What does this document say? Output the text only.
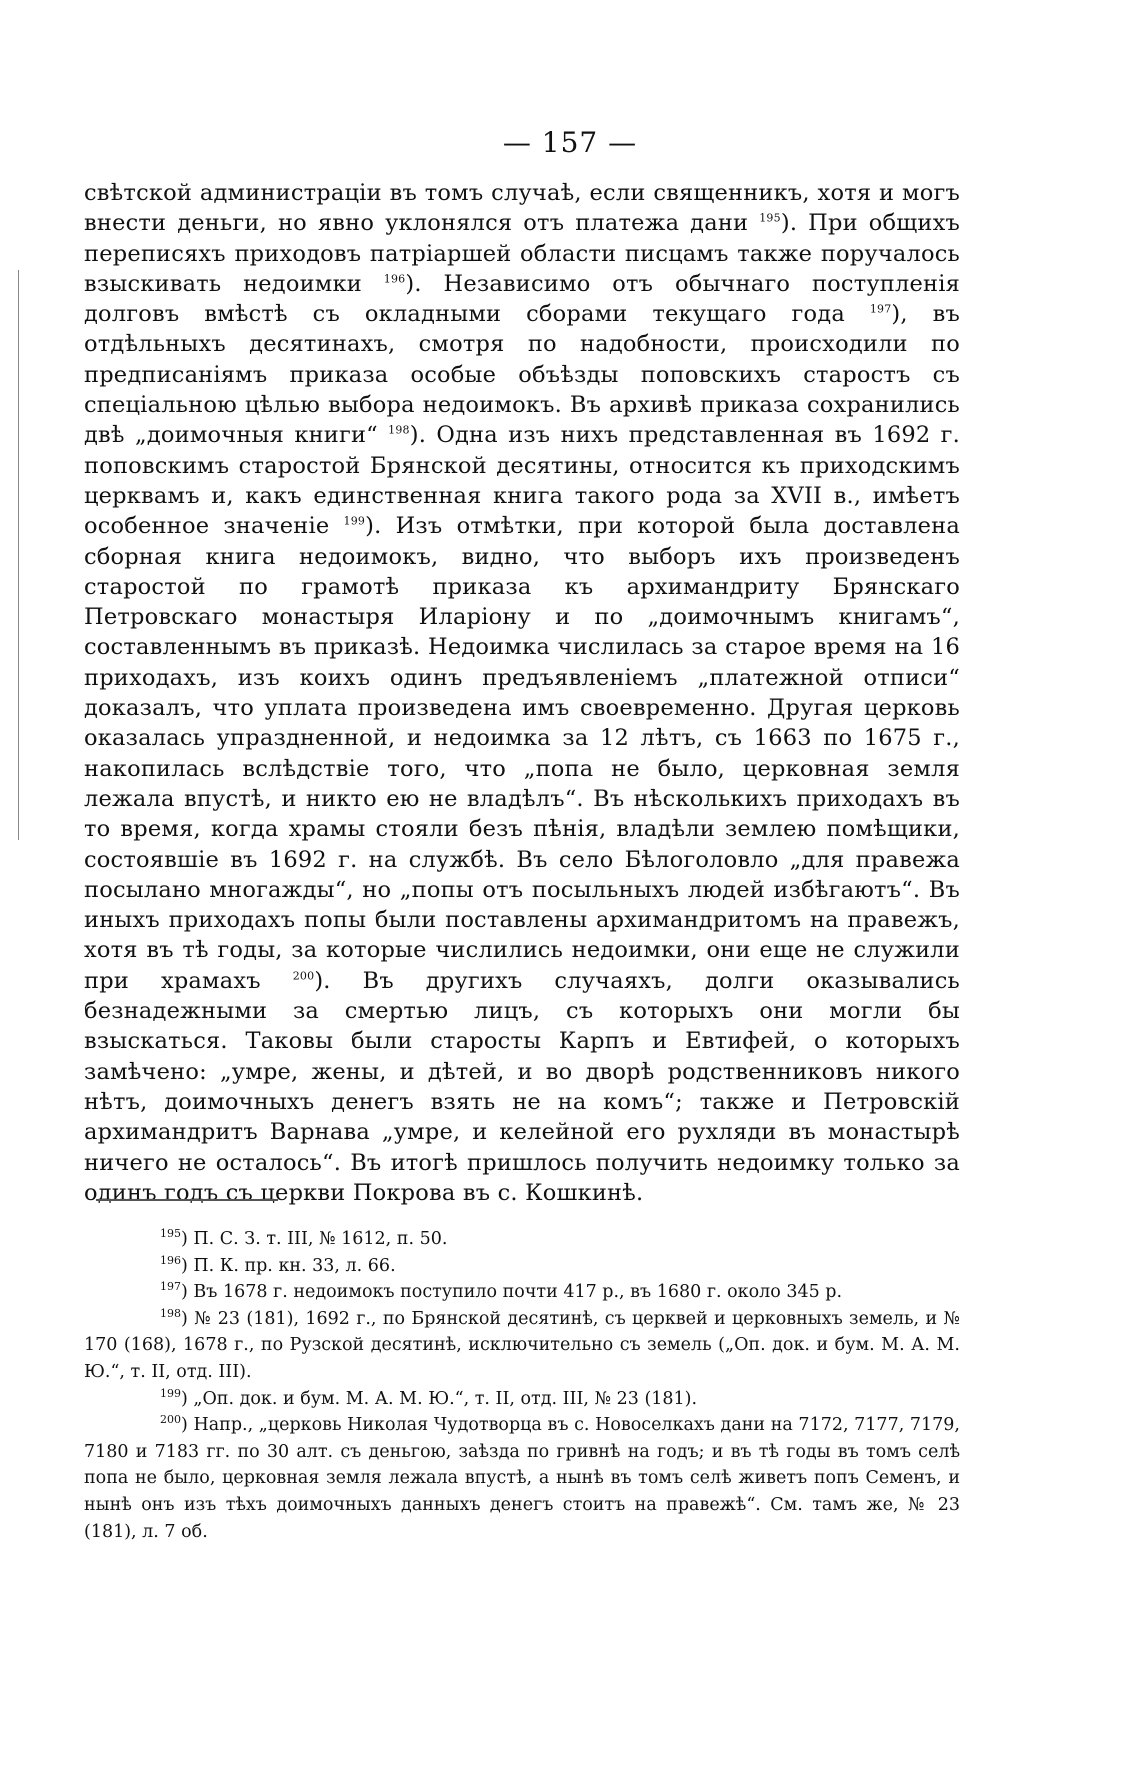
— 157 —

свѣтской администраціи въ томъ случаѣ, если священникъ, хотя и могъ внести деньги, но явно уклонялся отъ платежа дани $^{195}$). При общихъ переписяхъ приходовъ патріаршей области писцамъ также поручалось взыскивать недоимки $^{196}$). Независимо отъ обычнаго поступленія долговъ вмѣстѣ съ окладными сборами текущаго года $^{197}$), въ отдѣльныхъ десятинахъ, смотря по надобности, происходили по предписаніямъ приказа особые объѣзды поповскихъ старостъ съ спеціальною цѣлью выбора недоимокъ. Въ архивѣ приказа сохранились двѣ „доимочныя книги“ $^{198}$). Одна изъ нихъ представленная въ 1692 г. поповскимъ старостой Брянской десятины, относится къ приходскимъ церквамъ и, какъ единственная книга такого рода за XVII в., имѣетъ особенное значеніе $^{199}$). Изъ отмѣтки, при которой была доставлена сборная книга недоимокъ, видно, что выборъ ихъ произведенъ старостой по грамотѣ приказа къ архимандриту Брянскаго Петровскаго монастыря Иларіону и по „доимочнымъ книгамъ“, составленнымъ въ приказѣ. Недоимка числилась за старое время на 16 приходахъ, изъ коихъ одинъ предъявленіемъ „платежной отписи“ доказалъ, что уплата произведена имъ своевременно. Другая церковь оказалась упраздненной, и недоимка за 12 лѣтъ, съ 1663 по 1675 г., накопилась вслѣдствіе того, что „попа не было, церковная земля лежала впустѣ, и никто ею не владѣлъ“. Въ нѣсколькихъ приходахъ въ то время, когда храмы стояли безъ пѣнія, владѣли землею помѣщики, состоявшіе въ 1692 г. на службѣ. Въ село Бѣлоголовло „для правежа посылано многажды“, но „попы отъ посыльныхъ людей избѣгаютъ“. Въ иныхъ приходахъ попы были поставлены архимандритомъ на правежъ, хотя въ тѣ годы, за которые числились недоимки, они еще не служили при храмахъ $^{200}$). Въ другихъ случаяхъ, долги оказывались безнадежными за смертью лицъ, съ которыхъ они могли бы взыскаться. Таковы были старосты Карпъ и Евтифей, о которыхъ замѣчено: „умре, жены, и дѣтей, и во дворѣ родственниковъ никого нѣтъ, доимочныхъ денегъ взять не на комъ“; также и Петровскій архимандритъ Варнава „умре, и келейной его рухляди въ монастырѣ ничего не осталось“. Въ итогѣ пришлось получить недоимку только за одинъ годъ съ церкви Покрова въ с. Кошкинѣ.

$^{195}$) П. С. З. т. III, № 1612, п. 50.

$^{196}$) П. К. пр. кн. 33, л. 66.

$^{197}$) Въ 1678 г. недоимокъ поступило почти 417 р., въ 1680 г. около 345 р.

$^{198}$) № 23 (181), 1692 г., по Брянской десятинѣ, съ церквей и церковныхъ земель, и № 170 (168), 1678 г., по Рузской десятинѣ, исключительно съ земель („Оп. док. и бум. М. А. М. Ю.“, т. II, отд. III).

$^{199}$) „Оп. док. и бум. М. А. М. Ю.“, т. II, отд. III, № 23 (181).

$^{200}$) Напр., „церковь Николая Чудотворца въ с. Новоселкахъ дани на 7172, 7177, 7179, 7180 и 7183 гг. по 30 алт. съ деньгою, заѣзда по гривнѣ на годъ; и въ тѣ годы въ томъ селѣ попа не было, церковная земля лежала впустѣ, а нынѣ въ томъ селѣ живетъ попъ Семенъ, и нынѣ онъ изъ тѣхъ доимочныхъ данныхъ денегъ стоитъ на правежѣ“. См. тамъ же, № 23 (181), л. 7 об.
